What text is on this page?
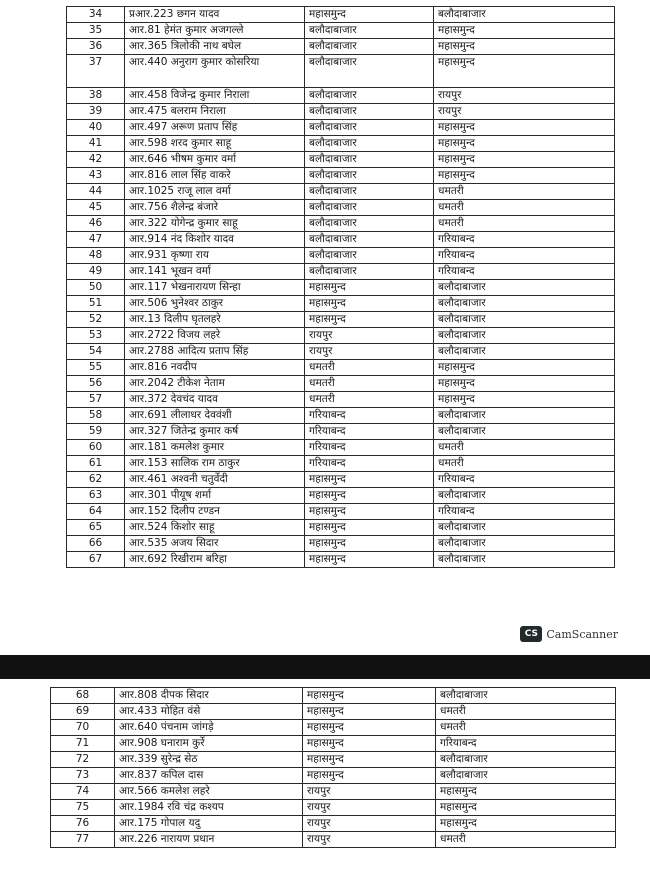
34	प्रआर.223 छगन यादव	महासमुन्द	बलौदाबाजार
35	आर.81 हेमंत कुमार अजगल्ले	बलौदाबाजार	महासमुन्द
36	आर.365 त्रिलोकी नाथ बघेल	बलौदाबाजार	महासमुन्द
37	आर.440 अनुराग कुमार कोसरिया	बलौदाबाजार	महासमुन्द
38	आर.458 विजेन्द्र कुमार निराला	बलौदाबाजार	रायपुर
39	आर.475 बलराम निराला	बलौदाबाजार	रायपुर
40	आर.497 अरूण प्रताप सिंह	बलौदाबाजार	महासमुन्द
41	आर.598 शरद कुमार साहू	बलौदाबाजार	महासमुन्द
42	आर.646 भीषम कुमार वर्मा	बलौदाबाजार	महासमुन्द
43	आर.816 लाल सिंह वाकरे	बलौदाबाजार	महासमुन्द
44	आर.1025 राजू लाल वर्मा	बलौदाबाजार	धमतरी
45	आर.756 शैलेन्द्र बंजारे	बलौदाबाजार	धमतरी
46	आर.322 योगेन्द्र कुमार साहू	बलौदाबाजार	धमतरी
47	आर.914 नंद किशोर यादव	बलौदाबाजार	गरियाबन्द
48	आर.931 कृष्णा राय	बलौदाबाजार	गरियाबन्द
49	आर.141 भूखन वर्मा	बलौदाबाजार	गरियाबन्द
50	आर.117 भेखनारायण सिन्हा	महासमुन्द	बलौदाबाजार
51	आर.506 भुनेश्वर ठाकुर	महासमुन्द	बलौदाबाजार
52	आर.13 दिलीप घृतलहरे	महासमुन्द	बलौदाबाजार
53	आर.2722 विजय लहरे	रायपुर	बलौदाबाजार
54	आर.2788 आदित्य प्रताप सिंह	रायपुर	बलौदाबाजार
55	आर.816 नवदीप	धमतरी	महासमुन्द
56	आर.2042 टीकेश नेताम	धमतरी	महासमुन्द
57	आर.372 देवचंद यादव	धमतरी	महासमुन्द
58	आर.691 लीलाधर देववंशी	गरियाबन्द	बलौदाबाजार
59	आर.327 जितेन्द्र कुमार कर्ष	गरियाबन्द	बलौदाबाजार
60	आर.181 कमलेश कुमार	गरियाबन्द	धमतरी
61	आर.153 सालिक राम ठाकुर	गरियाबन्द	धमतरी
62	आर.461 अश्वनी चतुर्वेदी	महासमुन्द	गरियाबन्द
63	आर.301 पीयूष शर्मा	महासमुन्द	बलौदाबाजार
64	आर.152 दिलीप टण्डन	महासमुन्द	गरियाबन्द
65	आर.524 किशोर साहू	महासमुन्द	बलौदाबाजार
66	आर.535 अजय सिदार	महासमुन्द	बलौदाबाजार
67	आर.692 रिखीराम बरिहा	महासमुन्द	बलौदाबाजार
CS CamScanner
68	आर.808 दीपक सिदार	महासमुन्द	बलौदाबाजार
69	आर.433 मोहित वंसे	महासमुन्द	धमतरी
70	आर.640 पंचनाम जांगड़े	महासमुन्द	धमतरी
71	आर.908 घनाराम कुर्रे	महासमुन्द	गरियाबन्द
72	आर.339 सुरेन्द्र सेठ	महासमुन्द	बलौदाबाजार
73	आर.837 कपिल दास	महासमुन्द	बलौदाबाजार
74	आर.566 कमलेश लहरे	रायपुर	महासमुन्द
75	आर.1984 रवि चंद्र कश्यप	रायपुर	महासमुन्द
76	आर.175 गोपाल यदु	रायपुर	महासमुन्द
77	आर.226 नारायण प्रधान	रायपुर	धमतरी
